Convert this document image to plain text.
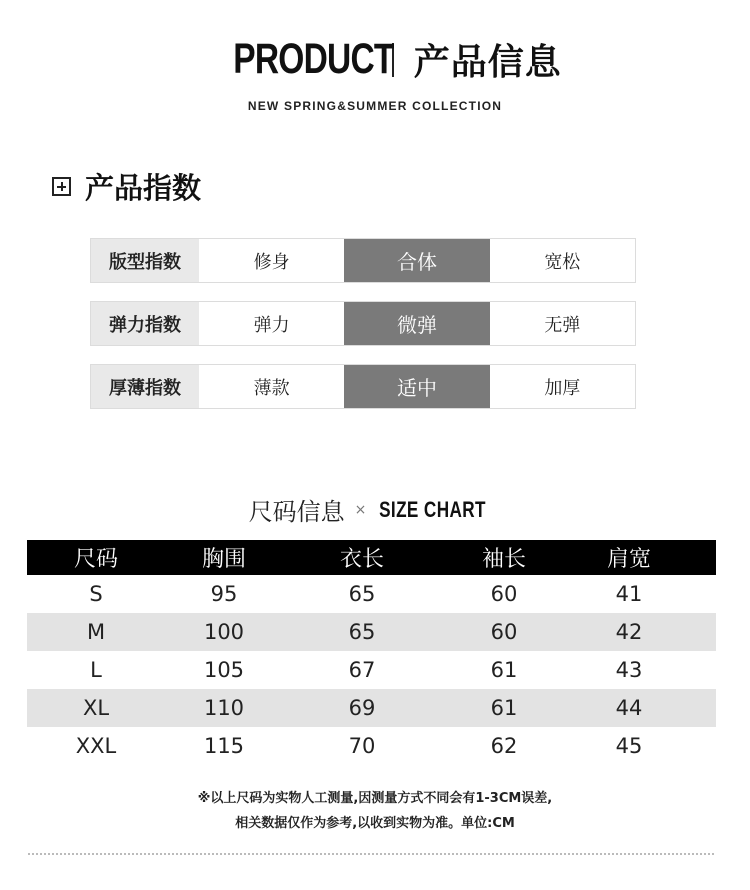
PRODUCT 产品信息
NEW SPRING&SUMMER COLLECTION
产品指数
版型指数	修身	合体	宽松
弹力指数	弹力	微弹	无弹
厚薄指数	薄款	适中	加厚
尺码信息 × SIZE CHART
尺码	胸围	衣长	袖长	肩宽
S	95	65	60	41
M	100	65	60	42
L	105	67	61	43
XL	110	69	61	44
XXL	115	70	62	45
※以上尺码为实物人工测量,因测量方式不同会有1-3CM误差,
相关数据仅作为参考,以收到实物为准。单位:CM
